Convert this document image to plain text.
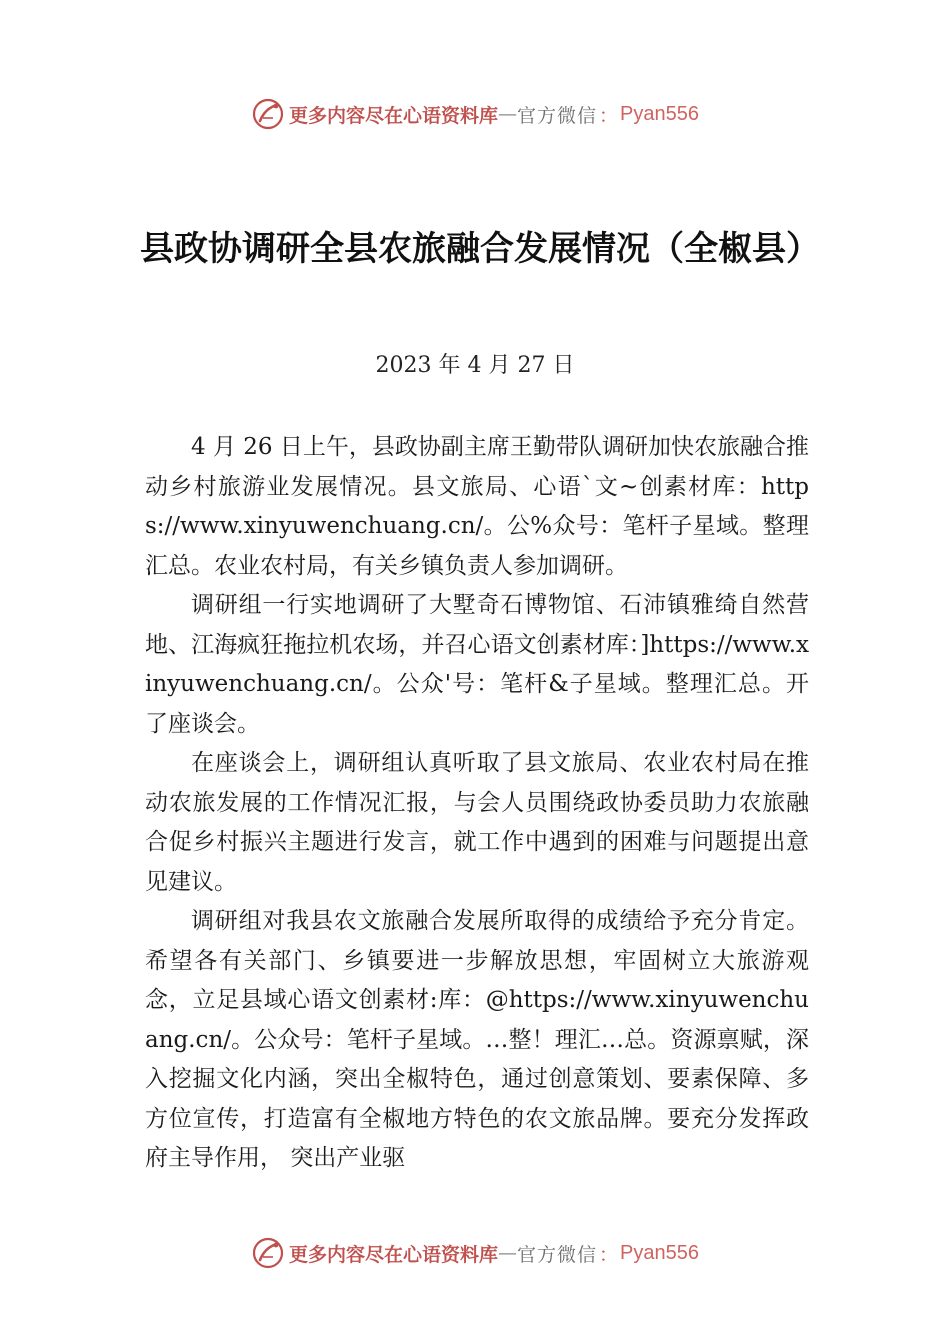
更多内容尽在心语资料库 — 官方微信 ： Pyan556
县政协调研全县农旅融合发展情况（全椒县）
2023 年 4 月 27 日

4 月 26 日上午，县政协副主席王勤带队调研加快农旅融合推动乡村旅游业发展情况。县文旅局、心语`文~创素材库：https://www.xinyuwenchuang.cn/。公%众号：笔杆子星域。整理汇总。农业农村局，有关乡镇负责人参加调研。

调研组一行实地调研了大墅奇石博物馆、石沛镇雅绮自然营地、江海疯狂拖拉机农场，并召心语文创素材库：]https://www.xinyuwenchuang.cn/。公众'号：笔杆&子星域。整理汇总。开了座谈会。

在座谈会上，调研组认真听取了县文旅局、农业农村局在推动农旅发展的工作情况汇报，与会人员围绕政协委员助力农旅融合促乡村振兴主题进行发言，就工作中遇到的困难与问题提出意见建议。

调研组对我县农文旅融合发展所取得的成绩给予充分肯定。希望各有关部门、乡镇要进一步解放思想，牢固树立大旅游观念，立足县域心语文创素材:库：@https://www.xinyuwenchuang.cn/。公众号：笔杆子星域。…整！理汇…总。资源禀赋，深入挖掘文化内涵，突出全椒特色，通过创意策划、要素保障、多方位宣传，打造富有全椒地方特色的农文旅品牌。要充分发挥政府主导作用， 突出产业驱

更多内容尽在心语资料库 — 官方微信 ： Pyan556
